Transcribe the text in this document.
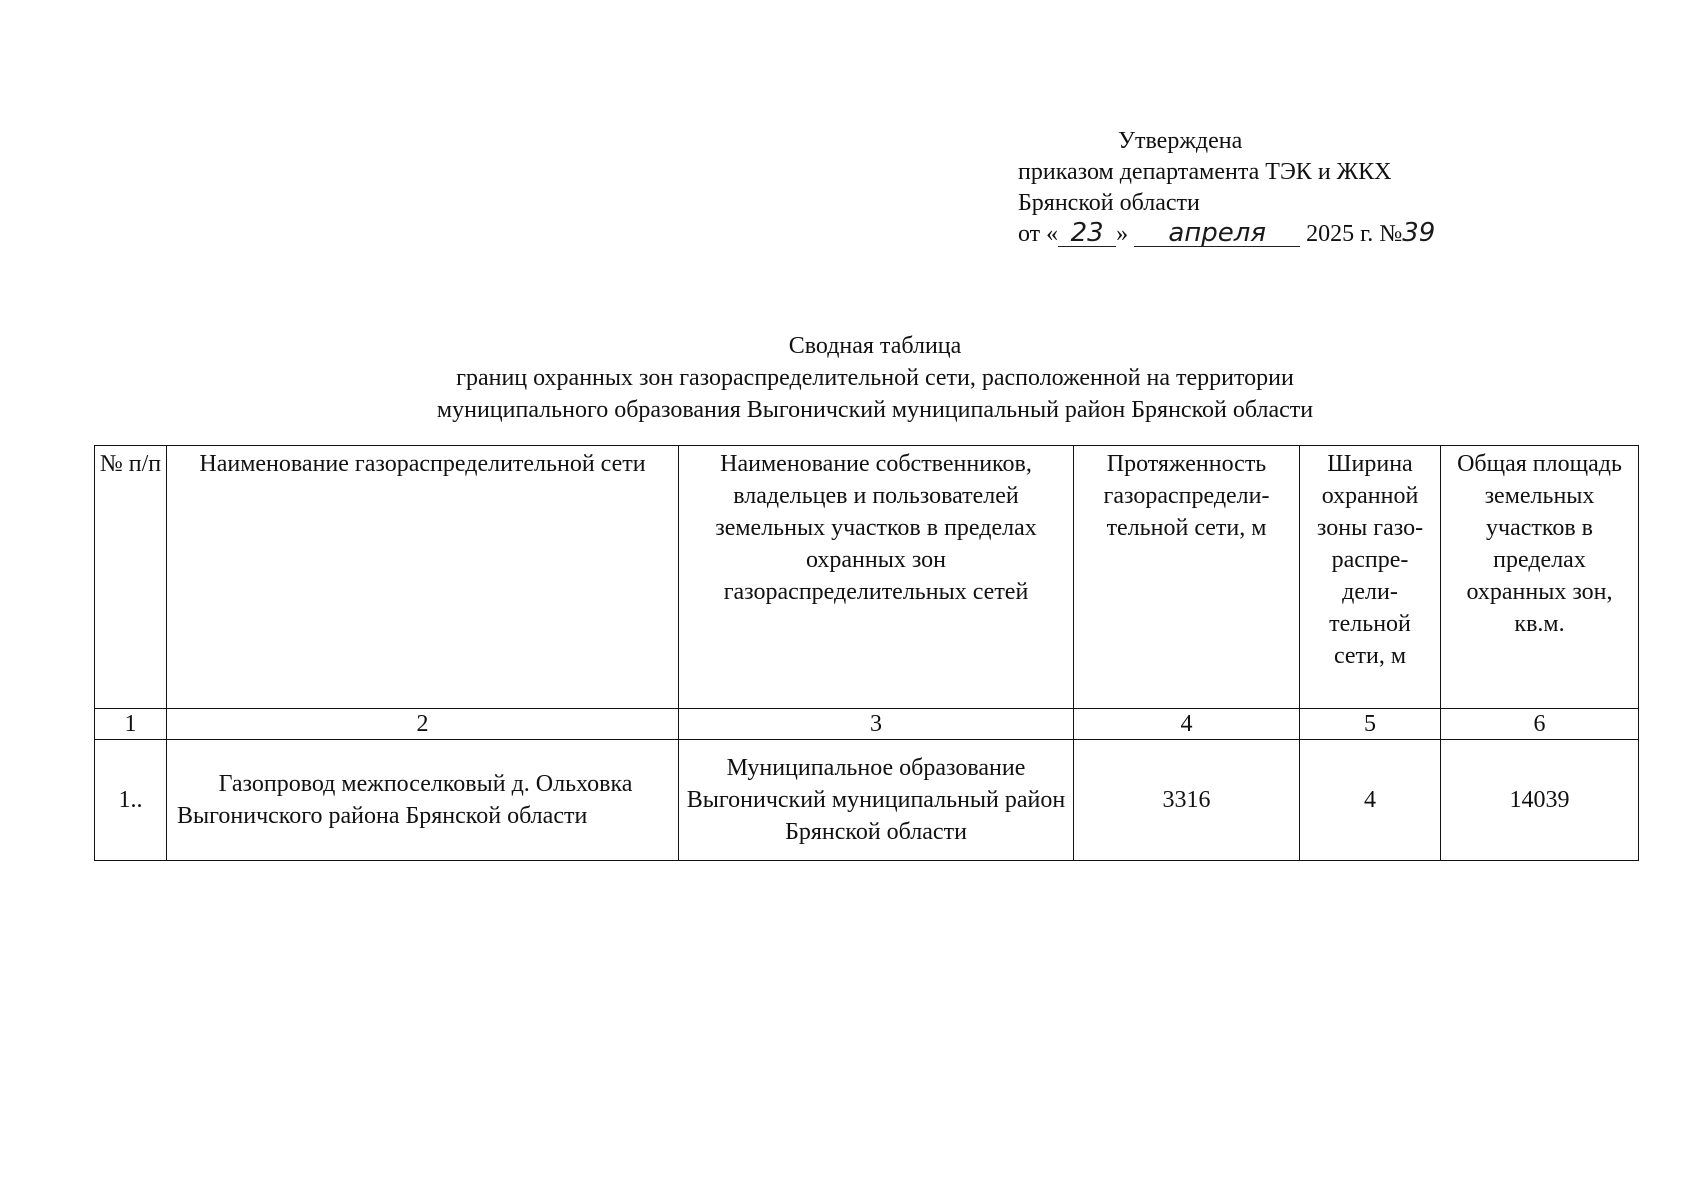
Утверждена
приказом департамента ТЭК и ЖКХ
Брянской области
от « 23 » апреля 2025 г. №39
Сводная таблица
границ охранных зон газораспределительной сети, расположенной на территории
муниципального образования Выгоничский муниципальный район Брянской области
№ п/п	Наименование газораспределительной сети	Наименование собственников, владельцев и пользователей земельных участков в пределах охранных зон газораспределительных сетей	Протяженность газораспредели-тельной сети, м	Ширина охранной зоны газо-распре-дели-тельной сети, м	Общая площадь земельных участков в пределах охранных зон, кв.м.
1	2	3	4	5	6
1..	Газопровод межпоселковый д. Ольховка Выгоничского района Брянской области	Муниципальное образование Выгоничский муниципальный район Брянской области	3316	4	14039
